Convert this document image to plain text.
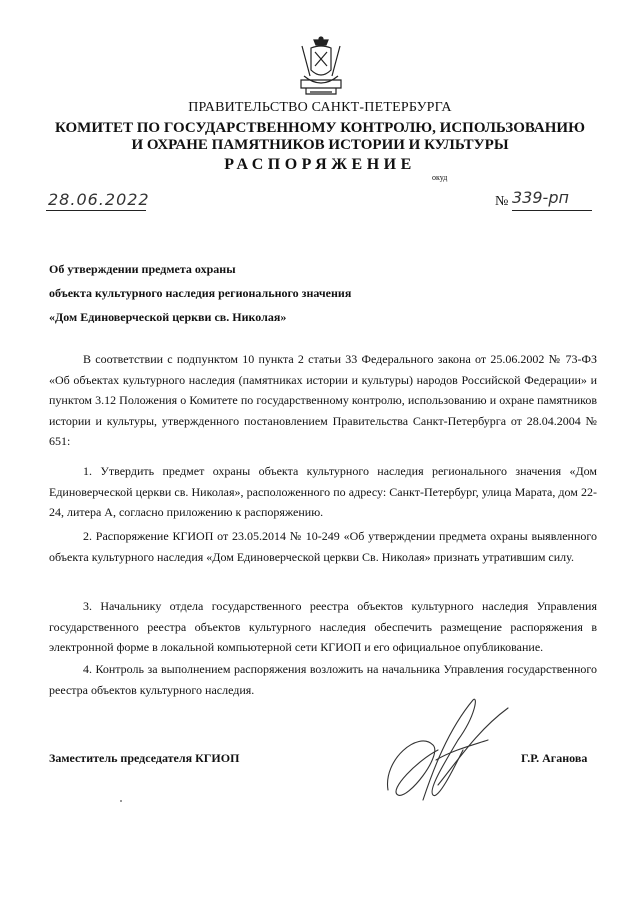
ПРАВИТЕЛЬСТВО САНКТ-ПЕТЕРБУРГА
КОМИТЕТ ПО ГОСУДАРСТВЕННОМУ КОНТРОЛЮ, ИСПОЛЬЗОВАНИЮ
И ОХРАНЕ ПАМЯТНИКОВ ИСТОРИИ И КУЛЬТУРЫ
РАСПОРЯЖЕНИЕ
окуд
28.06.2022	№ 339-рп
Об утверждении предмета охраны
объекта культурного наследия регионального значения
«Дом Единоверческой церкви св. Николая»

В соответствии с подпунктом 10 пункта 2 статьи 33 Федерального закона от 25.06.2002 № 73-ФЗ «Об объектах культурного наследия (памятниках истории и культуры) народов Российской Федерации» и пунктом 3.12 Положения о Комитете по государственному контролю, использованию и охране памятников истории и культуры, утвержденного постановлением Правительства Санкт-Петербурга от 28.04.2004 № 651:

1. Утвердить предмет охраны объекта культурного наследия регионального значения «Дом Единоверческой церкви св. Николая», расположенного по адресу: Санкт-Петербург, улица Марата, дом 22-24, литера А, согласно приложению к распоряжению.

2. Распоряжение КГИОП от 23.05.2014 № 10-249 «Об утверждении предмета охраны выявленного объекта культурного наследия «Дом Единоверческой церкви Св. Николая» признать утратившим силу.

3. Начальнику отдела государственного реестра объектов культурного наследия Управления государственного реестра объектов культурного наследия обеспечить размещение распоряжения в электронной форме в локальной компьютерной сети КГИОП и его официальное опубликование.

4. Контроль за выполнением распоряжения возложить на начальника Управления государственного реестра объектов культурного наследия.

Заместитель председателя КГИОП	Г.Р. Аганова
